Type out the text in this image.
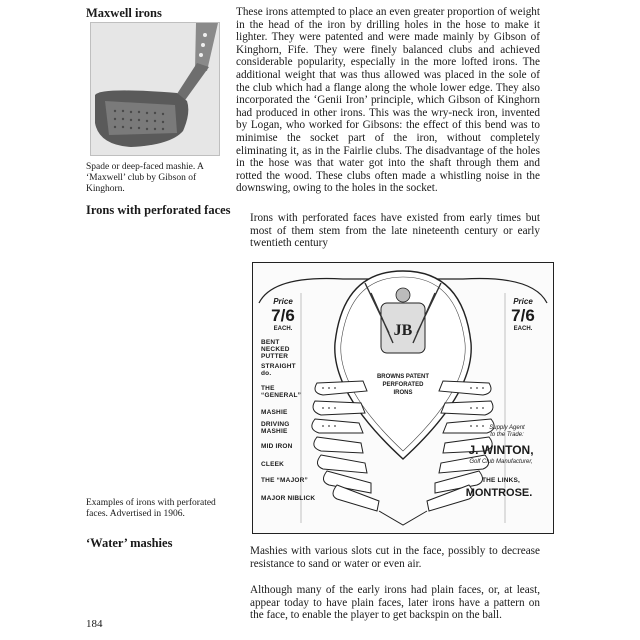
Maxwell irons
Spade or deep-faced mashie. A
‘Maxwell’ club by Gibson of
Kinghorn.
Irons with perforated faces
Examples of irons with perforated
faces. Advertised in 1906.
‘Water’ mashies
184
These irons attempted to place an even greater proportion of weight in the head of the iron by drilling holes in the hose to make it lighter. They were patented and were made mainly by Gibson of Kinghorn, Fife. They were finely balanced clubs and achieved considerable popularity, especially in the more lofted irons. The additional weight that was thus allowed was placed in the sole of the club which had a flange along the whole lower edge. They also incorporated the ‘Genii Iron’ principle, which Gibson of Kinghorn had produced in other irons. This was the wry-neck iron, invented by Logan, who worked for Gibsons: the effect of this bend was to minimise the socket part of the iron, without completely eliminating it, as in the Fairlie clubs. The disadvantage of the holes in the hose was that water got into the shaft through them and rotted the wood. These clubs often made a whistling noise in the downswing, owing to the holes in the socket.
Irons with perforated faces have existed from early times but most of them stem from the late nineteenth century or early twentieth century
Mashies with various slots cut in the face, possibly to decrease resistance to sand or water or even air.
Although many of the early irons had plain faces, or, at least, appear today to have plain faces, later irons have a pattern on the face, to enable the player to get backspin on the ball.
JB
Price
7/6
EACH.
Price
7/6
EACH.
BENT NECKED PUTTER
STRAIGHT do.
THE “GENERAL”
MASHIE
DRIVING MASHIE
MID IRON
CLEEK
THE “MAJOR”
MAJOR NIBLICK
BROWNS PATENT
PERFORATED
IRONS
Supply Agent
to the Trade:
J. WINTON,
Golf Club Manufacturer,
THE LINKS,
MONTROSE.
